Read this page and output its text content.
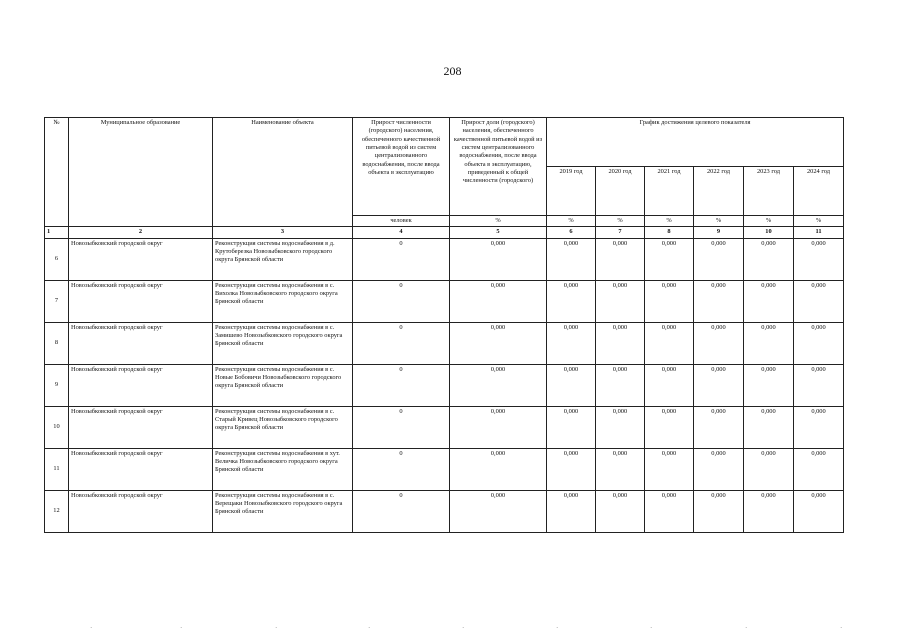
208
№	Муниципальное образование	Наименование объекта	Прирост численности (городского) населения, обеспеченного качественной питьевой водой из систем централизованного водоснабжения, после ввода объекта в эксплуатацию	Прирост доли (городского) населения, обеспеченного качественной питьевой водой из систем централизованного водоснабжения, после ввода объекта в эксплуатацию, приведенный к общей численности (городского)	График достижения целевого показателя					
					2019 год	2020 год	2021 год	2022 год	2023 год	2024 год
			человек	%	%	%	%	%	%	%
1	2	3	4	5	6	7	8	9	10	11
6	Новозыбковский городской округ	Реконструкция системы водоснабжения в д. Крутоберезка Новозыбковского городского округа Брянской области	0	0,000	0,000	0,000	0,000	0,000	0,000	0,000
7	Новозыбковский городской округ	Реконструкция системы водоснабжения в с. Вихолка Новозыбковского городского округа Брянской области	0	0,000	0,000	0,000	0,000	0,000	0,000	0,000
8	Новозыбковский городской округ	Реконструкция системы водоснабжения в с. Замишево Новозыбковского городского округа Брянской области	0	0,000	0,000	0,000	0,000	0,000	0,000	0,000
9	Новозыбковский городской округ	Реконструкция системы водоснабжения в с. Новые Бобовичи Новозыбковского городского округа Брянской области	0	0,000	0,000	0,000	0,000	0,000	0,000	0,000
10	Новозыбковский городской округ	Реконструкция системы водоснабжения в с. Старый Кривец Новозыбковского городского округа Брянской области	0	0,000	0,000	0,000	0,000	0,000	0,000	0,000
11	Новозыбковский городской округ	Реконструкция системы водоснабжения в хут. Величка Новозыбковского городского округа Брянской области	0	0,000	0,000	0,000	0,000	0,000	0,000	0,000
12	Новозыбковский городской округ	Реконструкция системы водоснабжения в с. Верещаки Новозыбковского городского округа Брянской области	0	0,000	0,000	0,000	0,000	0,000	0,000	0,000
·	·	·	·	·	·	·	·	·
